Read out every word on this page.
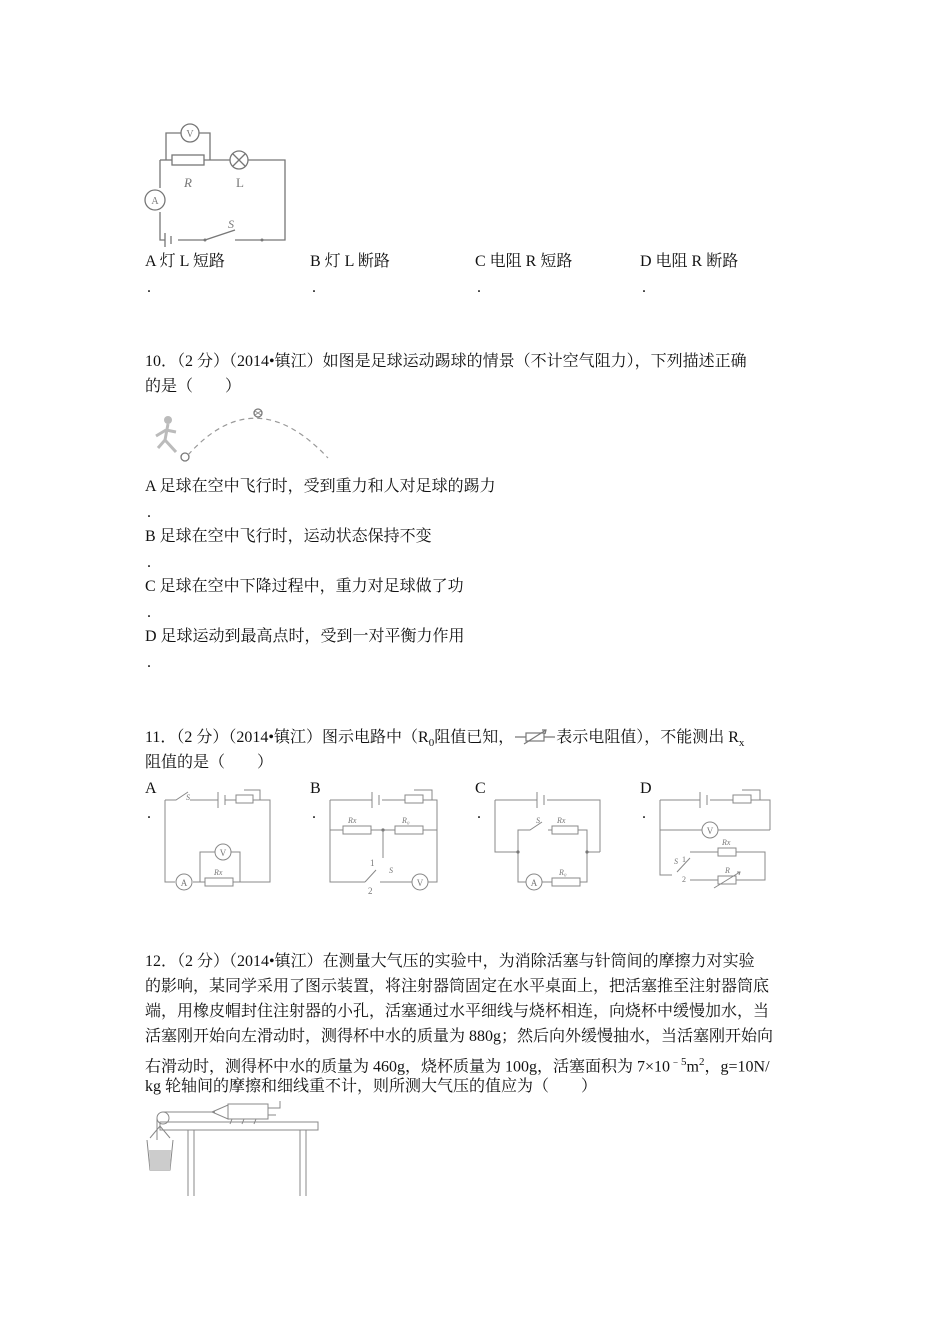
V
A
R	L
S
A 灯 L 短路
.
B 灯 L 断路
.
C 电阻 R 短路
.
D 电阻 R 断路
.
10．（2 分）（2014•镇江）如图是足球运动踢球的情景（不计空气阻力），下列描述正确
的是（　　）
A 足球在空中飞行时，受到重力和人对足球的踢力
.
B 足球在空中飞行时，运动状态保持不变
.
C 足球在空中下降过程中，重力对足球做了功
.
D 足球运动到最高点时，受到一对平衡力作用
.
11．（2 分）（2014•镇江）图示电路中（$R_0$阻值已知，	表示电阻值），不能测出 $R_x$
阻值的是（　　）
A
.
B
.
C
.
D
.
A
V
Rx
S
V
Rx	R₀
1
2
S
A
Rx
R₀
S
V
Rx
R
S 1
2
12．（2 分）（2014•镇江）在测量大气压的实验中，为消除活塞与针筒间的摩擦力对实验
的影响，某同学采用了图示装置，将注射器筒固定在水平桌面上，把活塞推至注射器筒底
端，用橡皮帽封住注射器的小孔，活塞通过水平细线与烧杯相连，向烧杯中缓慢加水，当
活塞刚开始向左滑动时，测得杯中水的质量为 880g；然后向外缓慢抽水，当活塞刚开始向
右滑动时，测得杯中水的质量为 460g，烧杯质量为 100g，活塞面积为 $7\times 10^{﹣5}m^2$，g=10N/
kg 轮轴间的摩擦和细线重不计，则所测大气压的值应为（　　）
